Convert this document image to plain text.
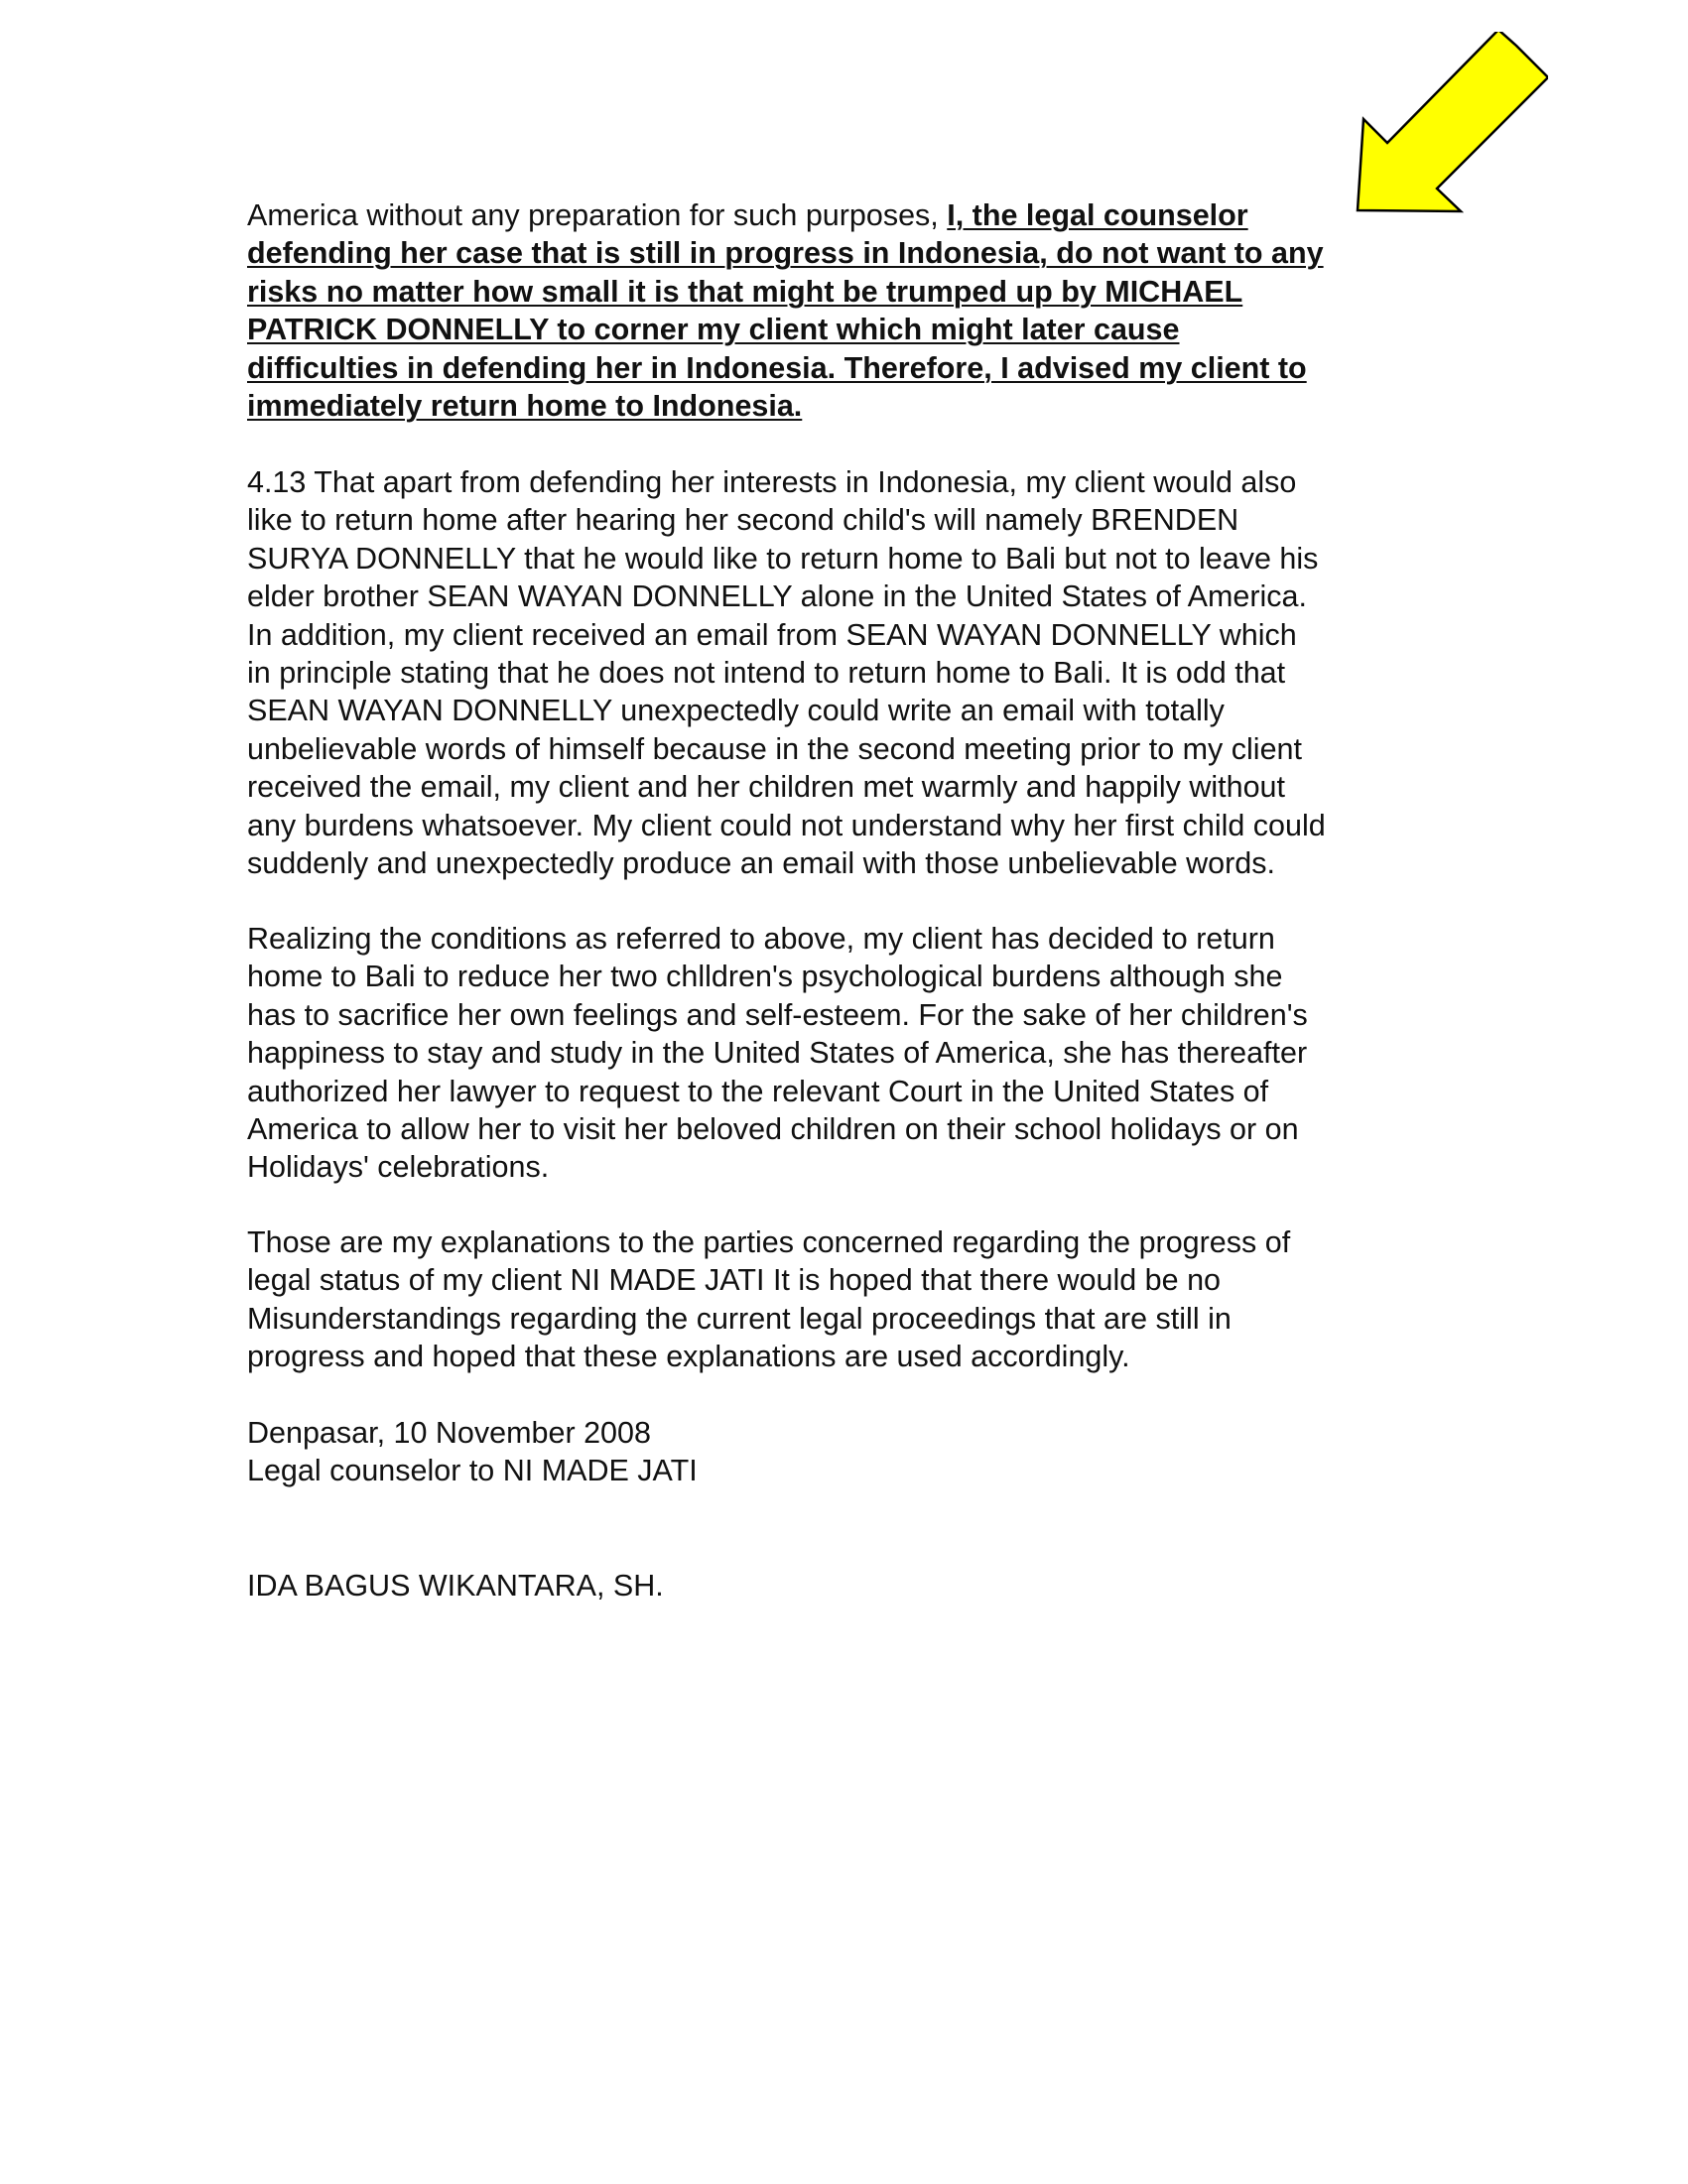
America without any preparation for such purposes, I, the legal counselor
defending her case that is still in progress in Indonesia, do not want to any
risks no matter how small it is that might be trumped up by MICHAEL
PATRICK DONNELLY to corner my client which might later cause
difficulties in defending her in Indonesia. Therefore, I advised my client to
immediately return home to Indonesia.

4.13 That apart from defending her interests in Indonesia, my client would also
like to return home after hearing her second child's will namely BRENDEN
SURYA DONNELLY that he would like to return home to Bali but not to leave his
elder brother SEAN WAYAN DONNELLY alone in the United States of America.
In addition, my client received an email from SEAN WAYAN DONNELLY which
in principle stating that he does not intend to return home to Bali. It is odd that
SEAN WAYAN DONNELLY unexpectedly could write an email with totally
unbelievable words of himself because in the second meeting prior to my client
received the email, my client and her children met warmly and happily without
any burdens whatsoever. My client could not understand why her first child could
suddenly and unexpectedly produce an email with those unbelievable words.

Realizing the conditions as referred to above, my client has decided to return
home to Bali to reduce her two chlldren's psychological burdens although she
has to sacrifice her own feelings and self-esteem. For the sake of her children's
happiness to stay and study in the United States of America, she has thereafter
authorized her lawyer to request to the relevant Court in the United States of
America to allow her to visit her beloved children on their school holidays or on
Holidays' celebrations.

Those are my explanations to the parties concerned regarding the progress of
legal status of my client NI MADE JATI It is hoped that there would be no
Misunderstandings regarding the current legal proceedings that are still in
progress and hoped that these explanations are used accordingly.

Denpasar, 10 November 2008
Legal counselor to NI MADE JATI

IDA BAGUS WIKANTARA, SH.
